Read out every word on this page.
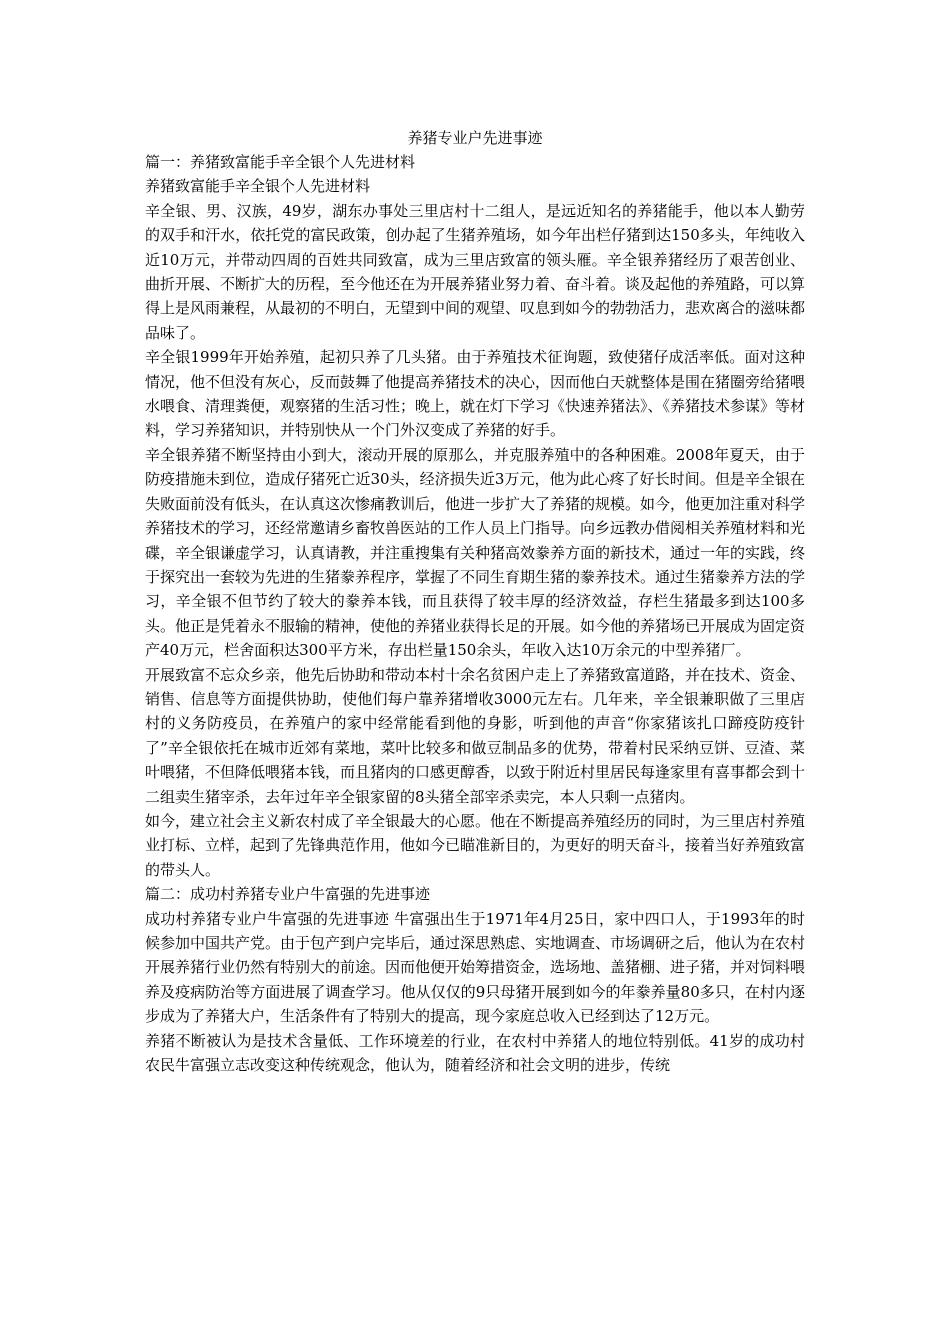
养猪专业户先进事迹

篇一：养猪致富能手辛全银个人先进材料

养猪致富能手辛全银个人先进材料

辛全银、男、汉族，49岁，湖东办事处三里店村十二组人，是远近知名的养猪能手，他以本人勤劳的双手和汗水，依托党的富民政策，创办起了生猪养殖场，如今年出栏仔猪到达150多头，年纯收入近10万元，并带动四周的百姓共同致富，成为三里店致富的领头雁。辛全银养猪经历了艰苦创业、曲折开展、不断扩大的历程，至今他还在为开展养猪业努力着、奋斗着。谈及起他的养殖路，可以算得上是风雨兼程，从最初的不明白，无望到中间的观望、叹息到如今的勃勃活力，悲欢离合的滋味都品味了。

辛全银1999年开始养殖，起初只养了几头猪。由于养殖技术征询题，致使猪仔成活率低。面对这种情况，他不但没有灰心，反而鼓舞了他提高养猪技术的决心，因而他白天就整体是围在猪圈旁给猪喂水喂食、清理粪便，观察猪的生活习性；晚上，就在灯下学习《快速养猪法》、《养猪技术参谋》等材料，学习养猪知识，并特别快从一个门外汉变成了养猪的好手。

辛全银养猪不断坚持由小到大，滚动开展的原那么，并克服养殖中的各种困难。2008年夏天，由于防疫措施未到位，造成仔猪死亡近30头，经济损失近3万元，他为此心疼了好长时间。但是辛全银在失败面前没有低头，在认真这次惨痛教训后，他进一步扩大了养猪的规模。如今，他更加注重对科学养猪技术的学习，还经常邀请乡畜牧兽医站的工作人员上门指导。向乡远教办借阅相关养殖材料和光

碟，辛全银谦虚学习，认真请教，并注重搜集有关种猪高效豢养方面的新技术，通过一年的实践，终于探究出一套较为先进的生猪豢养程序，掌握了不同生育期生猪的豢养技术。通过生猪豢养方法的学习，辛全银不但节约了较大的豢养本钱，而且获得了较丰厚的经济效益，存栏生猪最多到达100多头。他正是凭着永不服输的精神，使他的养猪业获得长足的开展。如今他的养猪场已开展成为固定资产40万元，栏舍面积达300平方米，存出栏量150余头，年收入达10万余元的中型养猪厂。

开展致富不忘众乡亲，他先后协助和带动本村十余名贫困户走上了养猪致富道路，并在技术、资金、销售、信息等方面提供协助，使他们每户靠养猪增收3000元左右。几年来，辛全银兼职做了三里店村的义务防疫员，在养殖户的家中经常能看到他的身影，听到他的声音“你家猪该扎口蹄疫防疫针了”辛全银依托在城市近郊有菜地，菜叶比较多和做豆制品多的优势，带着村民采纳豆饼、豆渣、菜叶喂猪，不但降低喂猪本钱，而且猪肉的口感更醇香，以致于附近村里居民每逢家里有喜事都会到十二组卖生猪宰杀，去年过年辛全银家留的8头猪全部宰杀卖完，本人只剩一点猪肉。

如今，建立社会主义新农村成了辛全银最大的心愿。他在不断提高养殖经历的同时，为三里店村养殖业打标、立样，起到了先锋典范作用，他如今已瞄准新目的，为更好的明天奋斗，接着当好养殖致富的带头人。

篇二：成功村养猪专业户牛富强的先进事迹

成功村养猪专业户牛富强的先进事迹 牛富强出生于1971年4月25日，家中四口人，于1993年的时候参加中国共产党。由于包产到户完毕后，通过深思熟虑、实地调查、市场调研之后，他认为在农村开展养猪行业仍然有特别大的前途。因而他便开始筹措资金，选场地、盖猪棚、进子猪，并对饲料喂养及疫病防治等方面进展了调查学习。他从仅仅的9只母猪开展到如今的年豢养量80多只，在村内逐步成为了养猪大户，生活条件有了特别大的提高，现今家庭总收入已经到达了12万元。

养猪不断被认为是技术含量低、工作环境差的行业，在农村中养猪人的地位特别低。41岁的成功村农民牛富强立志改变这种传统观念，他认为，随着经济和社会文明的进步，传统
